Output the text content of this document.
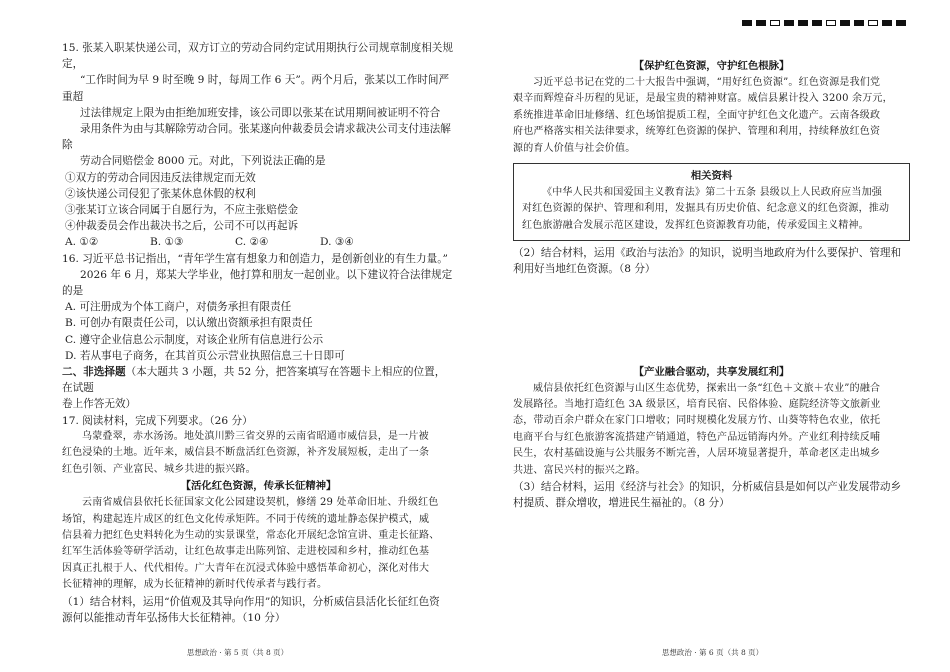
15. 张某入职某快递公司，双方订立的劳动合同约定试用期执行公司规章制度相关规定，

“工作时间为早 9 时至晚 9 时，每周工作 6 天”。两个月后，张某以工作时间严重超

过法律规定上限为由拒绝加班安排，该公司即以张某在试用期间被证明不符合

录用条件为由与其解除劳动合同。张某遂向仲裁委员会请求裁决公司支付违法解除

劳动合同赔偿金 8000 元。对此，下列说法正确的是

①双方的劳动合同因违反法律规定而无效

②该快递公司侵犯了张某休息休假的权利

③张某订立该合同属于自愿行为，不应主张赔偿金

④仲裁委员会作出裁决书之后，公司不可以再起诉

A. ①②	B. ①③	C. ②④	D. ③④

16. 习近平总书记指出，“青年学生富有想象力和创造力，是创新创业的有生力量。”

2026 年 6 月，郑某大学毕业，他打算和朋友一起创业。以下建议符合法律规定的是

A. 可注册成为个体工商户，对债务承担有限责任

B. 可创办有限责任公司，以认缴出资额承担有限责任

C. 遵守企业信息公示制度，对该企业所有信息进行公示

D. 若从事电子商务，在其首页公示营业执照信息三十日即可

二、非选择题（本大题共 3 小题，共 52 分，把答案填写在答题卡上相应的位置，在试题

卷上作答无效）

17. 阅读材料，完成下列要求。（26 分）

乌蒙叠翠，赤水汤汤。地处滇川黔三省交界的云南省昭通市威信县，是一片被

红色浸染的土地。近年来，威信县不断盘活红色资源，补齐发展短板，走出了一条

红色引领、产业富民、城乡共进的振兴路。

【活化红色资源，传承长征精神】

云南省威信县依托长征国家文化公园建设契机，修缮 29 处革命旧址、升级红色

场馆，构建起连片成区的红色文化传承矩阵。不同于传统的遗址静态保护模式，威

信县着力把红色史料转化为生动的实景课堂，常态化开展纪念馆宣讲、重走长征路、

红军生活体验等研学活动，让红色故事走出陈列馆、走进校园和乡村，推动红色基

因真正扎根于人、代代相传。广大青年在沉浸式体验中感悟革命初心，深化对伟大

长征精神的理解，成为长征精神的新时代传承者与践行者。

（1）结合材料，运用“价值观及其导向作用”的知识，分析威信县活化长征红色资

源何以能推动青年弘扬伟大长征精神。（10 分）

思想政治 · 第 5 页（共 8 页）

【保护红色资源，守护红色根脉】

习近平总书记在党的二十大报告中强调，“用好红色资源”。红色资源是我们党

艰辛而辉煌奋斗历程的见证，是最宝贵的精神财富。威信县累计投入 3200 余万元，

系统推进革命旧址修缮、红色场馆提质工程，全面守护红色文化遗产。云南各级政

府也严格落实相关法律要求，统筹红色资源的保护、管理和利用，持续释放红色资

源的育人价值与社会价值。

相关资料

《中华人民共和国爱国主义教育法》第二十五条 县级以上人民政府应当加强

对红色资源的保护、管理和利用，发掘具有历史价值、纪念意义的红色资源，推动

红色旅游融合发展示范区建设，发挥红色资源教育功能，传承爱国主义精神。

（2）结合材料，运用《政治与法治》的知识，说明当地政府为什么要保护、管理和

利用好当地红色资源。（8 分）

【产业融合驱动，共享发展红利】

威信县依托红色资源与山区生态优势，探索出一条“红色＋文旅＋农业”的融合

发展路径。当地打造红色 3A 级景区，培育民宿、民俗体验、庭院经济等文旅新业

态，带动百余户群众在家门口增收；同时规模化发展方竹、山葵等特色农业，依托

电商平台与红色旅游客流搭建产销通道，特色产品远销海内外。产业红利持续反哺

民生，农村基础设施与公共服务不断完善，人居环境显著提升，革命老区走出城乡

共进、富民兴村的振兴之路。

（3）结合材料，运用《经济与社会》的知识，分析威信县是如何以产业发展带动乡

村提质、群众增收，增进民生福祉的。（8 分）

思想政治 · 第 6 页（共 8 页）
